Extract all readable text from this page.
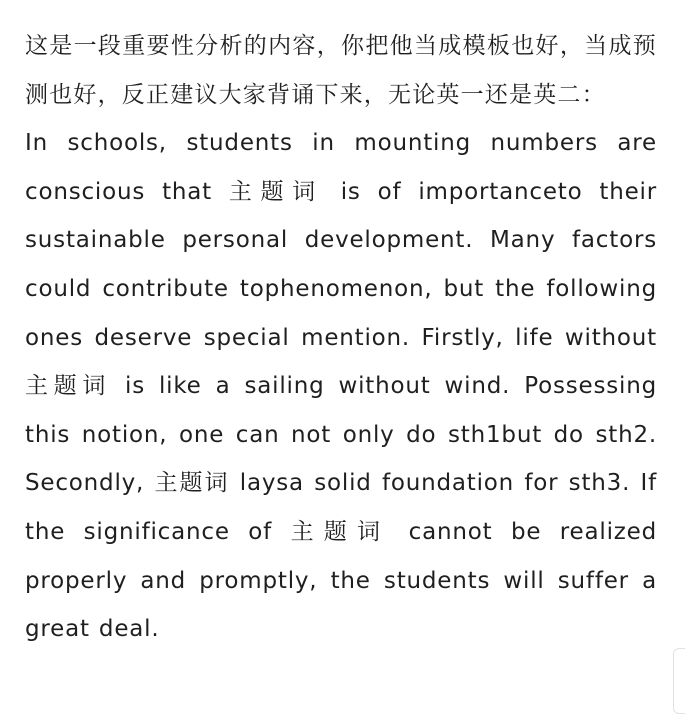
这是一段重要性分析的内容，你把他当成模板也好，当成预测也好，反正建议大家背诵下来，无论英一还是英二：

In schools, students in mounting numbers are conscious that 主题词 is of importanceto their sustainable personal development. Many factors could contribute tophenomenon, but the following ones deserve special mention. Firstly, life without 主题词 is like a sailing without wind. Possessing this notion, one can not only do sth1but do sth2. Secondly, 主题词 laysa solid foundation for sth3. If the significance of 主题词 cannot be realized properly and promptly, the students will suffer a great deal.
